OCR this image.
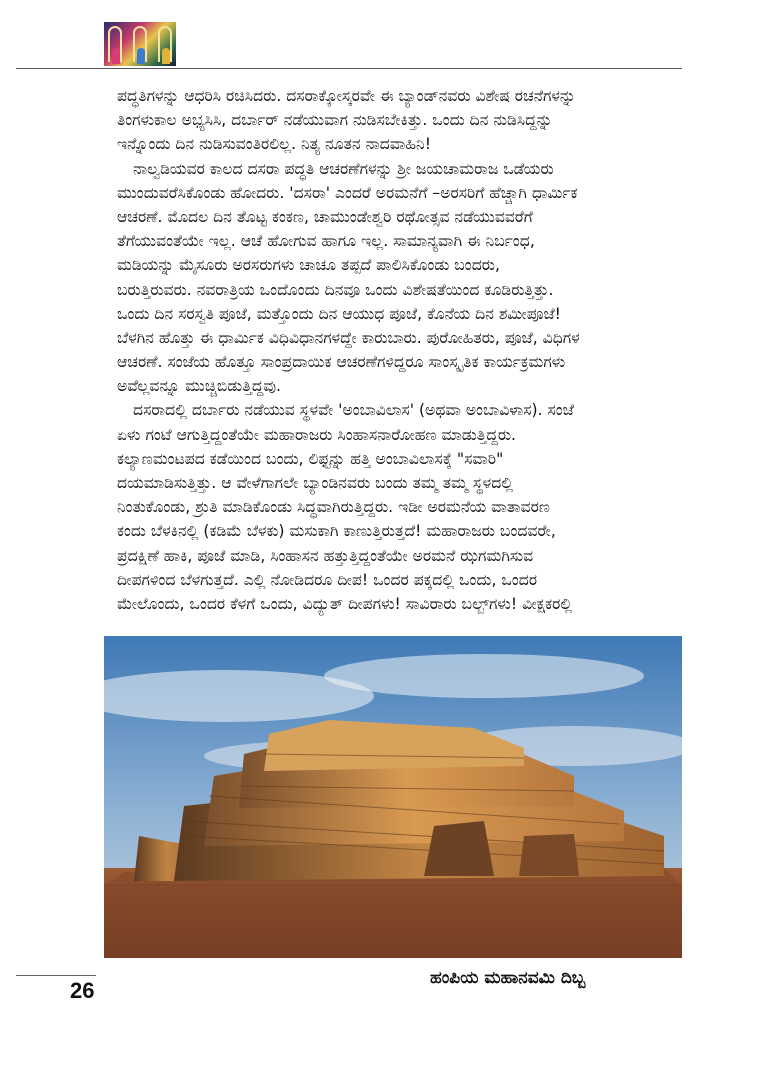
ಪದ್ಧತಿಗಳನ್ನು ಆಧರಿಸಿ ರಚಿಸಿದರು. ದಸರಾಕ್ಕೋಸ್ಕರವೇ ಈ ಬ್ಯಾಂಡ್‌ನವರು ವಿಶೇಷ ರಚನೆಗಳನ್ನು
ತಿಂಗಳುಕಾಲ ಅಭ್ಯಸಿಸಿ, ದರ್ಬಾರ್ ನಡೆಯುವಾಗ ನುಡಿಸಬೇಕಿತ್ತು. ಒಂದು ದಿನ ನುಡಿಸಿದ್ದನ್ನು
ಇನ್ನೊಂದು ದಿನ ನುಡಿಸುವಂತಿರಲಿಲ್ಲ. ನಿತ್ಯ ನೂತನ ನಾದವಾಹಿನಿ!
ನಾಲ್ವಡಿಯವರ ಕಾಲದ ದಸರಾ ಪದ್ಧತಿ ಆಚರಣೆಗಳನ್ನು ಶ್ರೀ ಜಯಚಾಮರಾಜ ಒಡೆಯರು
ಮುಂದುವರೆಸಿಕೊಂಡು ಹೋದರು. 'ದಸರಾ' ಎಂದರೆ ಅರಮನೆಗೆ –ಅರಸರಿಗೆ ಹೆಚ್ಚಾಗಿ ಧಾರ್ಮಿಕ
ಆಚರಣೆ. ಮೊದಲ ದಿನ ತೊಟ್ಟ ಕಂಕಣ, ಚಾಮುಂಡೇಶ್ವರಿ ರಥೋತ್ಸವ ನಡೆಯುವವರೆಗೆ
ತೆಗೆಯುವಂತೆಯೇ ಇಲ್ಲ. ಆಚೆ ಹೋಗುವ ಹಾಗೂ ಇಲ್ಲ. ಸಾಮಾನ್ಯವಾಗಿ ಈ ನಿರ್ಬಂಧ,
ಮಡಿಯನ್ನು ಮೈಸೂರು ಅರಸರುಗಳು ಚಾಚೂ ತಪ್ಪದೆ ಪಾಲಿಸಿಕೊಂಡು ಬಂದರು,
ಬರುತ್ತಿರುವರು. ನವರಾತ್ರಿಯ ಒಂದೊಂದು ದಿನವೂ ಒಂದು ವಿಶೇಷತೆಯಿಂದ ಕೂಡಿರುತ್ತಿತ್ತು.
ಒಂದು ದಿನ ಸರಸ್ವತಿ ಪೂಜೆ, ಮತ್ತೊಂದು ದಿನ ಆಯುಧ ಪೂಜೆ, ಕೊನೆಯ ದಿನ ಶಮೀಪೂಜೆ!
ಬೆಳಗಿನ ಹೊತ್ತು ಈ ಧಾರ್ಮಿಕ ವಿಧಿವಿಧಾನಗಳದ್ದೇ ಕಾರುಬಾರು. ಪುರೋಹಿತರು, ಪೂಜೆ, ವಿಧಿಗಳ
ಆಚರಣೆ. ಸಂಜೆಯ ಹೊತ್ತೂ ಸಾಂಪ್ರದಾಯಿಕ ಆಚರಣೆಗಳಿದ್ದರೂ ಸಾಂಸ್ಕೃತಿಕ ಕಾರ್ಯಕ್ರಮಗಳು
ಅವೆಲ್ಲವನ್ನೂ ಮುಚ್ಚಿಬಿಡುತ್ತಿದ್ದವು.
ದಸರಾದಲ್ಲಿ ದರ್ಬಾರು ನಡೆಯುವ ಸ್ಥಳವೇ 'ಅಂಬಾವಿಲಾಸ' (ಅಥವಾ ಅಂಬಾವಿಳಾಸ). ಸಂಜೆ
ಏಳು ಗಂಟೆ ಆಗುತ್ತಿದ್ದಂತೆಯೇ ಮಹಾರಾಜರು ಸಿಂಹಾಸನಾರೋಹಣ ಮಾಡುತ್ತಿದ್ದರು.
ಕಲ್ಯಾಣಮಂಟಪದ ಕಡೆಯಿಂದ ಬಂದು, ಲಿಫ್ಟನ್ನು ಹತ್ತಿ ಅಂಬಾವಿಲಾಸಕ್ಕೆ "ಸವಾರಿ"
ದಯಮಾಡಿಸುತ್ತಿತ್ತು. ಆ ವೇಳೆಗಾಗಲೇ ಬ್ಯಾಂಡಿನವರು ಬಂದು ತಮ್ಮ ತಮ್ಮ ಸ್ಥಳದಲ್ಲಿ
ನಿಂತುಕೊಂಡು, ಶ್ರುತಿ ಮಾಡಿಕೊಂಡು ಸಿದ್ಧವಾಗಿರುತ್ತಿದ್ದರು. ಇಡೀ ಅರಮನೆಯ ವಾತಾವರಣ
ಕಂದು ಬೆಳಕಿನಲ್ಲಿ (ಕಡಿಮೆ ಬೆಳಕು) ಮಸುಕಾಗಿ ಕಾಣುತ್ತಿರುತ್ತದೆ! ಮಹಾರಾಜರು ಬಂದವರೇ,
ಪ್ರದಕ್ಷಿಣೆ ಹಾಕಿ, ಪೂಜೆ ಮಾಡಿ, ಸಿಂಹಾಸನ ಹತ್ತುತ್ತಿದ್ದಂತೆಯೇ ಅರಮನೆ ಝಗಮಗಿಸುವ
ದೀಪಗಳಿಂದ ಬೆಳಗುತ್ತದೆ. ಎಲ್ಲಿ ನೋಡಿದರೂ ದೀಪ! ಒಂದರ ಪಕ್ಕದಲ್ಲಿ ಒಂದು, ಒಂದರ
ಮೇಲೊಂದು, ಒಂದರ ಕೆಳಗೆ ಒಂದು, ವಿದ್ಯುತ್ ದೀಪಗಳು! ಸಾವಿರಾರು ಬಲ್ಬ್‌ಗಳು! ವೀಕ್ಷಕರಲ್ಲಿ
26	ಹಂಪಿಯ ಮಹಾನವಮಿ ದಿಬ್ಬ
